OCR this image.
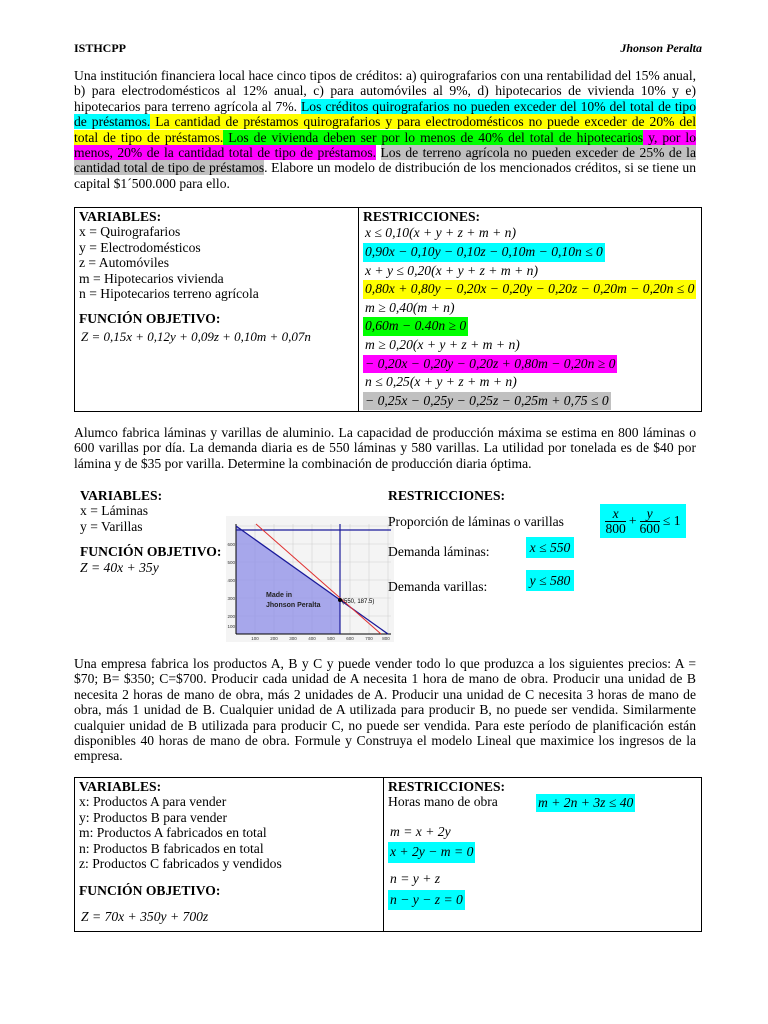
ISTHCPP	Jhonson Peralta

Una institución financiera local hace cinco tipos de créditos: a) quirografarios con una rentabilidad del 15% anual, b) para electrodomésticos al 12% anual, c) para automóviles al 9%, d) hipotecarios de vivienda 10% y e) hipotecarios para terreno agrícola al 7%. Los créditos quirografarios no pueden exceder del 10% del total de tipo de préstamos. La cantidad de préstamos quirografarios y para electrodomésticos no puede exceder de 20% del total de tipo de préstamos. Los de vivienda deben ser por lo menos de 40% del total de hipotecarios y, por lo menos, 20% de la cantidad total de tipo de préstamos. Los de terreno agrícola no pueden exceder de 25% de la cantidad total de tipo de préstamos. Elabore un modelo de distribución de los mencionados créditos, si se tiene un capital $1´500.000 para ello.

VARIABLES:
x = Quirografarios
y = Electrodomésticos
z = Automóviles
m = Hipotecarios vivienda
n = Hipotecarios terreno agrícola
FUNCIÓN OBJETIVO:
Z = 0,15x + 0,12y + 0,09z + 0,10m + 0,07n	
RESTRICCIONES:
x ≤ 0,10(x + y + z + m + n)
0,90x − 0,10y − 0,10z − 0,10m − 0,10n ≤ 0
x + y ≤ 0,20(x + y + z + m + n)
0,80x + 0,80y − 0,20x − 0,20y − 0,20z − 0,20m − 0,20n ≤ 0
m ≥ 0,40(m + n)
0,60m − 0.40n ≥ 0
m ≥ 0,20(x + y + z + m + n)
− 0,20x − 0,20y − 0,20z + 0,80m − 0,20n ≥ 0
n ≤ 0,25(x + y + z + m + n)
− 0,25x − 0,25y − 0,25z − 0,25m + 0,75 ≤ 0

Alumco fabrica láminas y varillas de aluminio. La capacidad de producción máxima se estima en 800 láminas o 600 varillas por día. La demanda diaria es de 550 láminas y 580 varillas. La utilidad por tonelada es de $40 por lámina y de $35 por varilla. Determine la combinación de producción diaria óptima.

VARIABLES:
x = Láminas
y = Varillas
FUNCIÓN OBJETIVO:
Z = 40x + 35y
(550, 187.5)
Made in
Jhonson Peralta
600
500
400
300
200
100
100	200	300	400	500	600	700 800
RESTRICCIONES:
Proporción de láminas o varillas	$\frac{x}{800} + \frac{y}{600} \le 1$
Demanda láminas:	x ≤ 550
Demanda varillas:	y ≤ 580

Una empresa fabrica los productos A, B y C y puede vender todo lo que produzca a los siguientes precios: A = $70; B= $350; C=$700. Producir cada unidad de A necesita 1 hora de mano de obra. Producir una unidad de B necesita 2 horas de mano de obra, más 2 unidades de A. Producir una unidad de C necesita 3 horas de mano de obra, más 1 unidad de B. Cualquier unidad de A utilizada para producir B, no puede ser vendida. Similarmente cualquier unidad de B utilizada para producir C, no puede ser vendida. Para este período de planificación están disponibles 40 horas de mano de obra. Formule y Construya el modelo Lineal que maximice los ingresos de la empresa.

VARIABLES:
x: Productos A para vender
y: Productos B para vender
m: Productos A fabricados en total
n: Productos B fabricados en total
z: Productos C fabricados y vendidos
FUNCIÓN OBJETIVO:
Z = 70x + 350y + 700z	
RESTRICCIONES:
Horas mano de obra	m + 2n + 3z ≤ 40
m = x + 2y
x + 2y − m = 0

n = y + z
n − y − z = 0
